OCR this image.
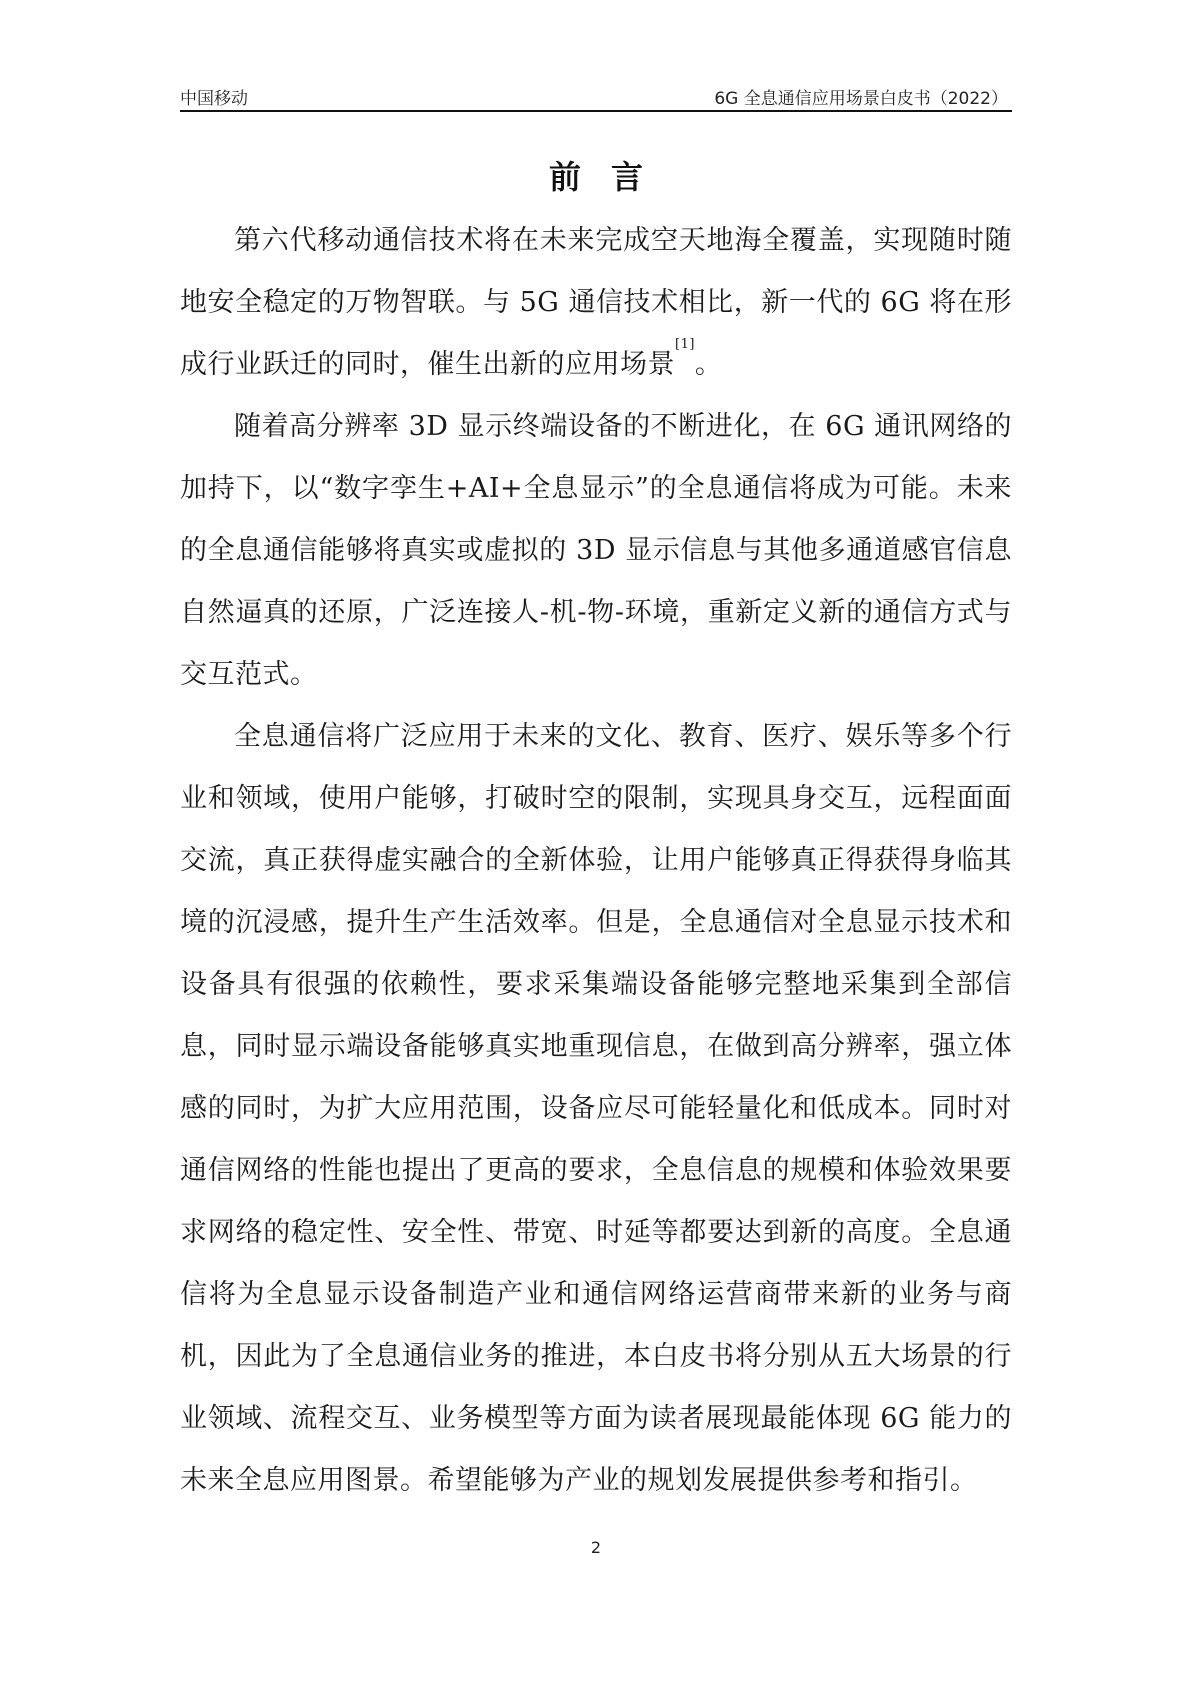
中国移动	6G 全息通信应用场景白皮书（2022）
前言

第六代移动通信技术将在未来完成空天地海全覆盖，实现随时随地安全稳定的万物智联。与 5G 通信技术相比，新一代的 6G 将在形成行业跃迁的同时，催生出新的应用场景[1]。

随着高分辨率 3D 显示终端设备的不断进化，在 6G 通讯网络的加持下，以“数字孪生+AI+全息显示”的全息通信将成为可能。未来的全息通信能够将真实或虚拟的 3D 显示信息与其他多通道感官信息自然逼真的还原，广泛连接人-机-物-环境，重新定义新的通信方式与交互范式。

全息通信将广泛应用于未来的文化、教育、医疗、娱乐等多个行业和领域，使用户能够，打破时空的限制，实现具身交互，远程面面交流，真正获得虚实融合的全新体验，让用户能够真正得获得身临其境的沉浸感，提升生产生活效率。但是，全息通信对全息显示技术和设备具有很强的依赖性，要求采集端设备能够完整地采集到全部信息，同时显示端设备能够真实地重现信息，在做到高分辨率，强立体感的同时，为扩大应用范围，设备应尽可能轻量化和低成本。同时对通信网络的性能也提出了更高的要求，全息信息的规模和体验效果要求网络的稳定性、安全性、带宽、时延等都要达到新的高度。全息通信将为全息显示设备制造产业和通信网络运营商带来新的业务与商机，因此为了全息通信业务的推进，本白皮书将分别从五大场景的行业领域、流程交互、业务模型等方面为读者展现最能体现 6G 能力的未来全息应用图景。希望能够为产业的规划发展提供参考和指引。

2
